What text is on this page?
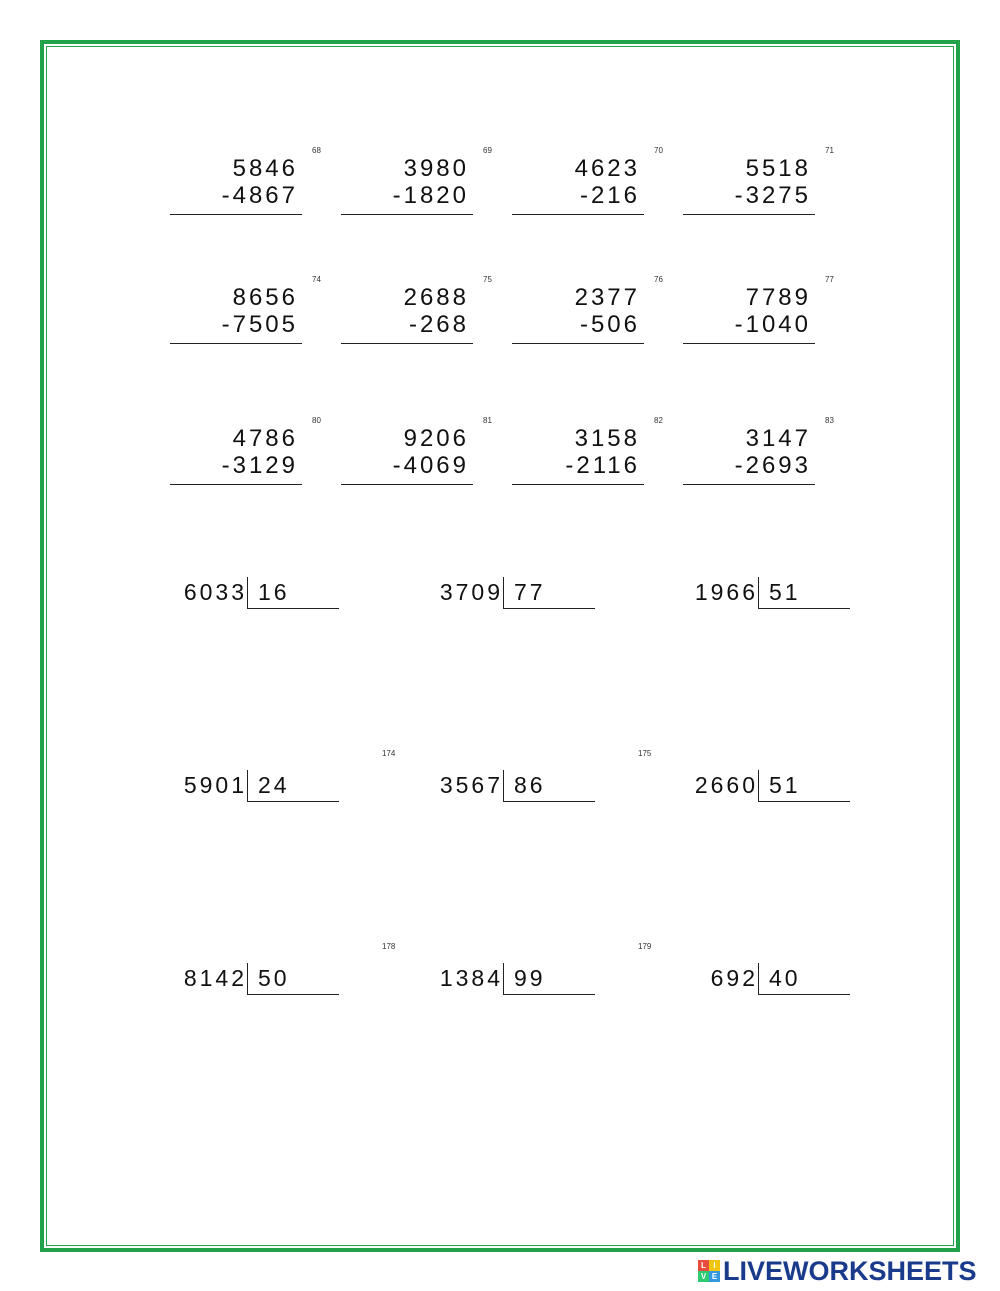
5846
-4867
68
3980
-1820
69
4623
-216
70
5518
-3275
71
8656
-7505
74
2688
-268
75
2377
-506
76
7789
-1040
77
4786
-3129
80
9206
-4069
81
3158
-2116
82
3147
-2693
83
6033 16	3709 77	1966 51
5901 24
174
3567 86
175
2660 51
8142 50
178
1384 99
179
692 40
L I
V E LIVEWORKSHEETS
